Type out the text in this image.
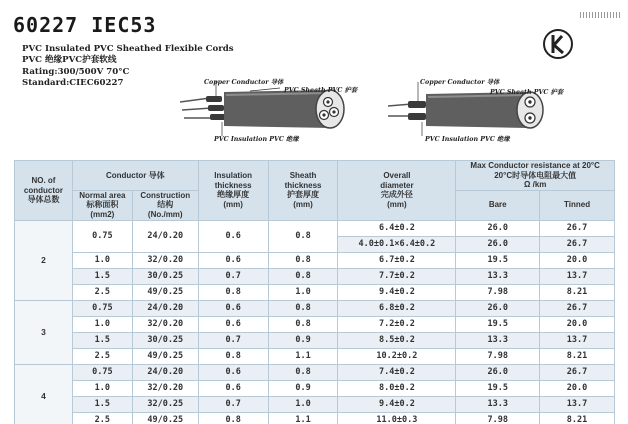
60227 IEC53
PVC Insulated PVC Sheathed Flexible Cords
PVC 绝缘PVC护套软线
Rating:300/500V 70°C
Standard:CIEC60227	Copper Conductor 导体
PVC Sheath PVC 护套
PVC Insulation PVC 绝缘
Copper Conductor 导体
PVC Sheath PVC 护套
PVC Insulation PVC 绝缘
NO. of
conductor
导体总数	Conductor 导体		Insulation
thickness
绝缘厚度
(mm)	Sheath
thickness
护套厚度
(mm)	Overall
diameter
完成外径
(mm)	Max Conductor resistance at 20°C
20°C时导体电阻最大值
Ω /km	

	Normal area
标称面积
(mm2)	Construction
结构
(No./mm)				Bare	Tinned
2	0.75	24/0.20	0.6	0.8	6.4±0.2	26.0	26.7
					4.0±0.1×6.4±0.2	26.0	26.7
	1.0	32/0.20	0.6	0.8	6.7±0.2	19.5	20.0
	1.5	30/0.25	0.7	0.8	7.7±0.2	13.3	13.7
	2.5	49/0.25	0.8	1.0	9.4±0.2	7.98	8.21
3	0.75	24/0.20	0.6	0.8	6.8±0.2	26.0	26.7
	1.0	32/0.20	0.6	0.8	7.2±0.2	19.5	20.0
	1.5	30/0.25	0.7	0.9	8.5±0.2	13.3	13.7
	2.5	49/0.25	0.8	1.1	10.2±0.2	7.98	8.21
4	0.75	24/0.20	0.6	0.8	7.4±0.2	26.0	26.7
	1.0	32/0.20	0.6	0.9	8.0±0.2	19.5	20.0
	1.5	32/0.25	0.7	1.0	9.4±0.2	13.3	13.7
	2.5	49/0.25	0.8	1.1	11.0±0.3	7.98	8.21
